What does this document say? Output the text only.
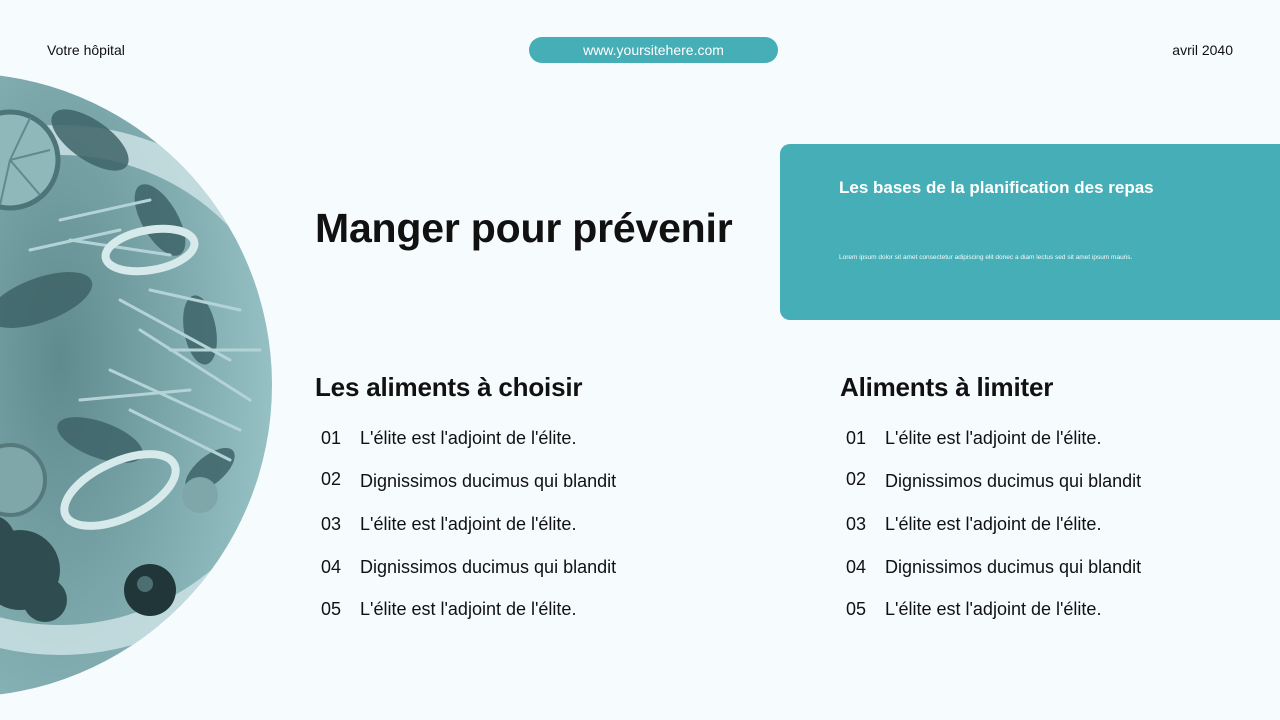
Votre hôpital	www.yoursitehere.com	avril 2040
Manger pour prévenir
Les bases de la planification des repas
Lorem ipsum dolor sit amet consectetur adipiscing elit donec a diam lectus sed sit amet ipsum mauris.
Les aliments à choisir
01	L'élite est l'adjoint de l'élite.
02	Dignissimos ducimus qui blandit
03	L'élite est l'adjoint de l'élite.
04	Dignissimos ducimus qui blandit
05	L'élite est l'adjoint de l'élite.
Aliments à limiter
01	L'élite est l'adjoint de l'élite.
02	Dignissimos ducimus qui blandit
03	L'élite est l'adjoint de l'élite.
04	Dignissimos ducimus qui blandit
05	L'élite est l'adjoint de l'élite.
